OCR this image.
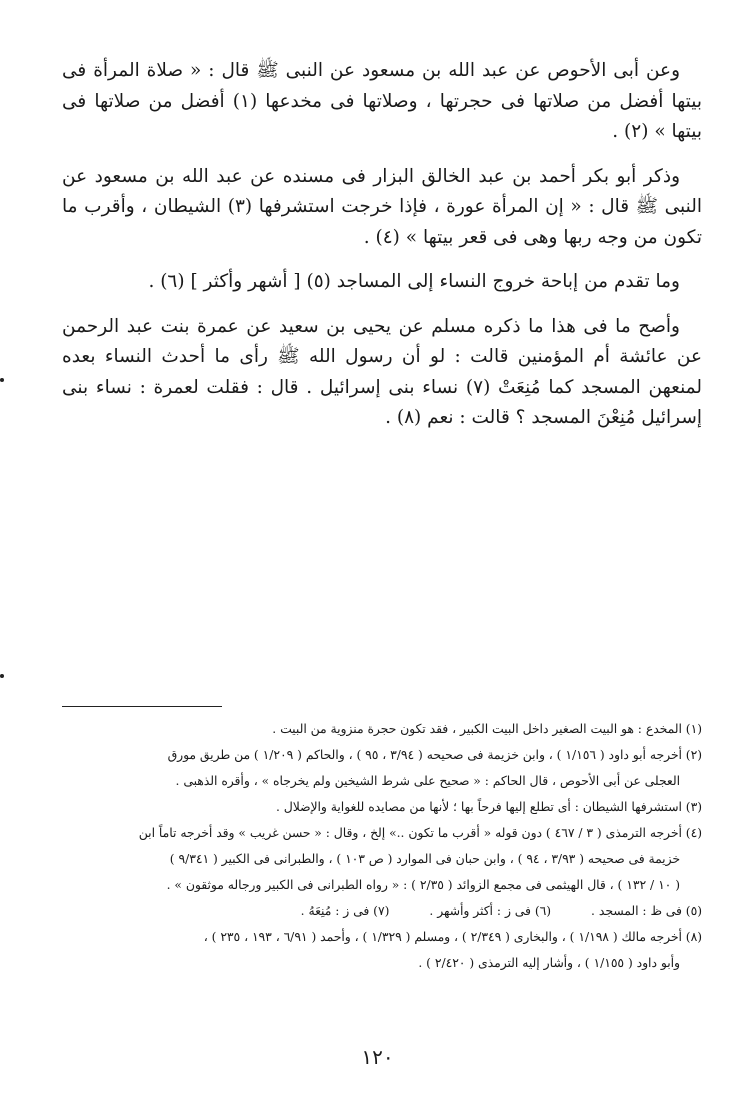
وعن أبى الأحوص عن عبد الله بن مسعود عن النبى ﷺ قال : « صلاة المرأة فى بيتها أفضل من صلاتها فى حجرتها ، وصلاتها فى مخدعها (١) أفضل من صلاتها فى بيتها » (٢) .

وذكر أبو بكر أحمد بن عبد الخالق البزار فى مسنده عن عبد الله بن مسعود عن النبى ﷺ قال : « إن المرأة عورة ، فإذا خرجت استشرفها (٣) الشيطان ، وأقرب ما تكون من وجه ربها وهى فى قعر بيتها » (٤) .

وما تقدم من إباحة خروج النساء إلى المساجد (٥) [ أشهر وأكثر ] (٦) .

وأصح ما فى هذا ما ذكره مسلم عن يحيى بن سعيد عن عمرة بنت عبد الرحمن عن عائشة أم المؤمنين قالت : لو أن رسول الله ﷺ رأى ما أحدث النساء بعده لمنعهن المسجد كما مُنِعَتْ (٧) نساء بنى إسرائيل . قال : فقلت لعمرة : نساء بنى إسرائيل مُنِعْنَ المسجد ؟ قالت : نعم (٨) .

(١) المخدع : هو البيت الصغير داخل البيت الكبير ، فقد تكون حجرة منزوية من البيت .

(٢) أخرجه أبو داود ( ١/١٥٦ ) ، وابن خزيمة فى صحيحه ( ٣/٩٤ ، ٩٥ ) ، والحاكم ( ١/٢٠٩ ) من طريق مورق

العجلى عن أبى الأحوص ، قال الحاكم : « صحيح على شرط الشيخين ولم يخرجاه » ، وأقره الذهبى .

(٣) استشرفها الشيطان : أى تطلع إليها فرحاً بها ؛ لأنها من مصايده للغواية والإضلال .

(٤) أخرجه الترمذى ( ٣ / ٤٦٧ ) دون قوله « أقرب ما تكون ..» إلخ ، وقال : « حسن غريب » وقد أخرجه تاماً ابن

خزيمة فى صحيحه ( ٣/٩٣ ، ٩٤ ) ، وابن حبان فى الموارد ( ص ١٠٣ ) ، والطبرانى فى الكبير ( ٩/٣٤١ )

( ١٠ / ١٣٢ ) ، قال الهيثمى فى مجمع الزوائد ( ٢/٣٥ ) : « رواه الطبرانى فى الكبير ورجاله موثقون » .

(٥) فى ظ : المسجد .
(٦) فى ز : أكثر وأشهر .
(٧) فى ز : مُنِعَهُ .

(٨) أخرجه مالك ( ١/١٩٨ ) ، والبخارى ( ٢/٣٤٩ ) ، ومسلم ( ١/٣٢٩ ) ، وأحمد ( ٦/٩١ ، ١٩٣ ، ٢٣٥ ) ،

وأبو داود ( ١/١٥٥ ) ، وأشار إليه الترمذى ( ٢/٤٢٠ ) .

١٢٠
